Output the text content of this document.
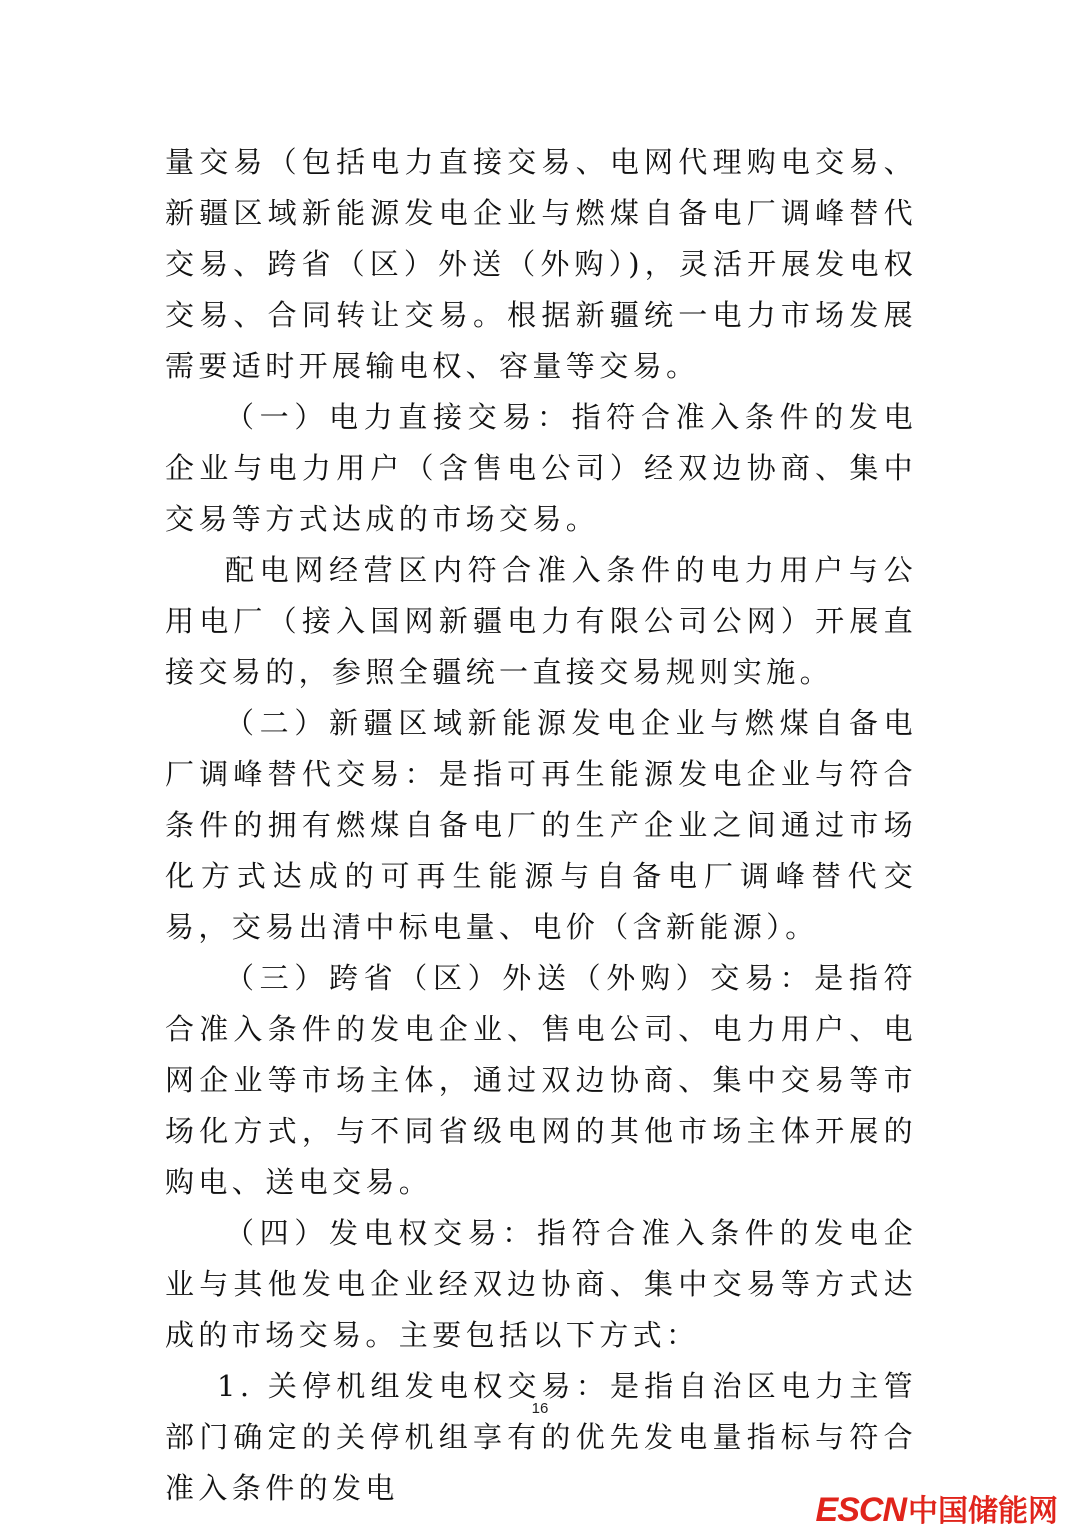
量交易（包括电力直接交易、电网代理购电交易、新疆区域新能源发电企业与燃煤自备电厂调峰替代交易、跨省（区）外送（外购）)，灵活开展发电权交易、合同转让交易。根据新疆统一电力市场发展需要适时开展输电权、容量等交易。

（一）电力直接交易：指符合准入条件的发电企业与电力用户（含售电公司）经双边协商、集中交易等方式达成的市场交易。

配电网经营区内符合准入条件的电力用户与公用电厂（接入国网新疆电力有限公司公网）开展直接交易的，参照全疆统一直接交易规则实施。

（二）新疆区域新能源发电企业与燃煤自备电厂调峰替代交易：是指可再生能源发电企业与符合条件的拥有燃煤自备电厂的生产企业之间通过市场化方式达成的可再生能源与自备电厂调峰替代交易，交易出清中标电量、电价（含新能源）。

（三）跨省（区）外送（外购）交易：是指符合准入条件的发电企业、售电公司、电力用户、电网企业等市场主体，通过双边协商、集中交易等市场化方式，与不同省级电网的其他市场主体开展的购电、送电交易。

（四）发电权交易：指符合准入条件的发电企业与其他发电企业经双边协商、集中交易等方式达成的市场交易。主要包括以下方式：

1. 关停机组发电权交易：是指自治区电力主管部门确定的关停机组享有的优先发电量指标与符合准入条件的发电

16
ESCN 中国储能网
